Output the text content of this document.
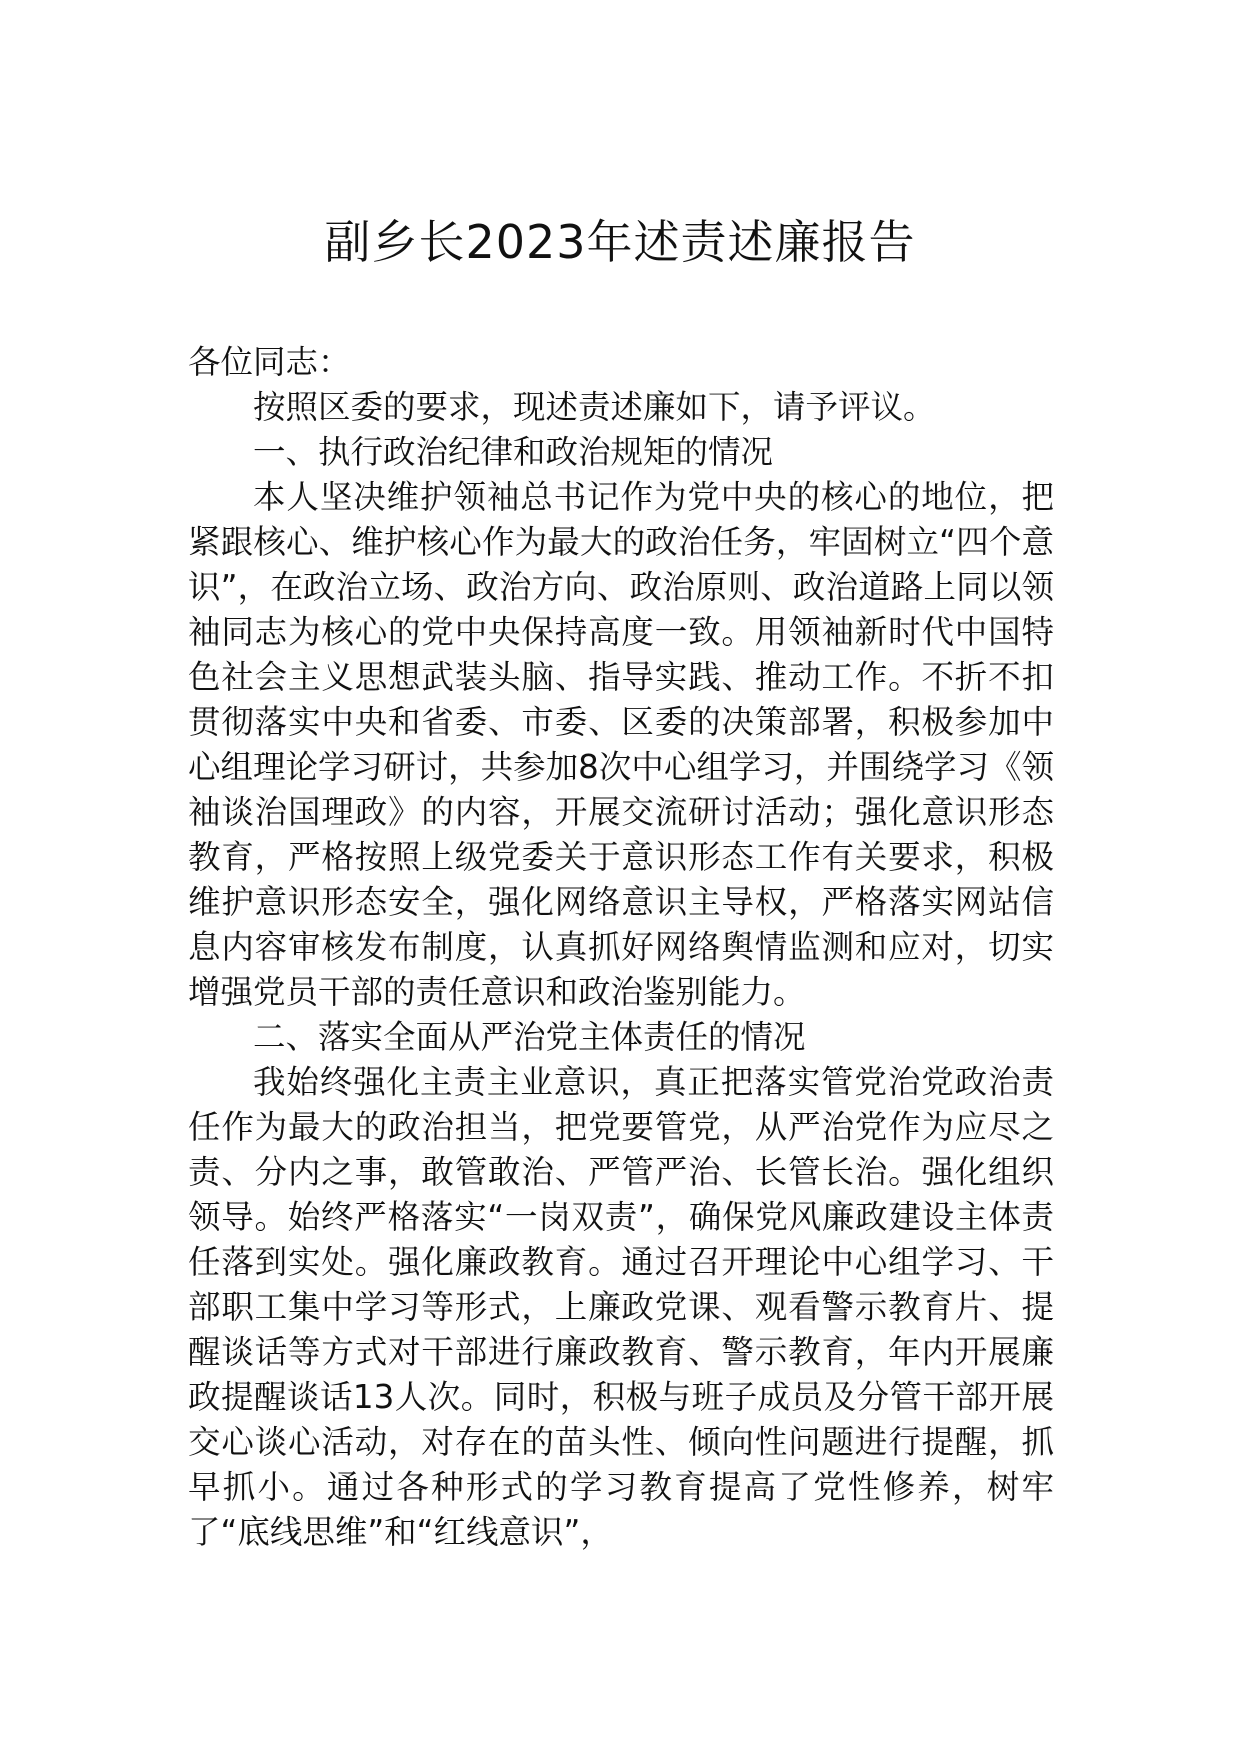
副乡长2023年述责述廉报告

各位同志：

按照区委的要求，现述责述廉如下，请予评议。

一、执行政治纪律和政治规矩的情况

本人坚决维护领袖总书记作为党中央的核心的地位，把紧跟核心、维护核心作为最大的政治任务，牢固树立“四个意识”，在政治立场、政治方向、政治原则、政治道路上同以领袖同志为核心的党中央保持高度一致。用领袖新时代中国特色社会主义思想武装头脑、指导实践、推动工作。不折不扣贯彻落实中央和省委、市委、区委的决策部署，积极参加中心组理论学习研讨，共参加8次中心组学习，并围绕学习《领袖谈治国理政》的内容，开展交流研讨活动；强化意识形态教育，严格按照上级党委关于意识形态工作有关要求，积极维护意识形态安全，强化网络意识主导权，严格落实网站信息内容审核发布制度，认真抓好网络舆情监测和应对，切实增强党员干部的责任意识和政治鉴别能力。

二、落实全面从严治党主体责任的情况

我始终强化主责主业意识，真正把落实管党治党政治责任作为最大的政治担当，把党要管党，从严治党作为应尽之责、分内之事，敢管敢治、严管严治、长管长治。强化组织领导。始终严格落实“一岗双责”，确保党风廉政建设主体责任落到实处。强化廉政教育。通过召开理论中心组学习、干部职工集中学习等形式，上廉政党课、观看警示教育片、提醒谈话等方式对干部进行廉政教育、警示教育，年内开展廉政提醒谈话13人次。同时，积极与班子成员及分管干部开展交心谈心活动，对存在的苗头性、倾向性问题进行提醒，抓早抓小。通过各种形式的学习教育提高了党性修养，树牢了“底线思维”和“红线意识”，
